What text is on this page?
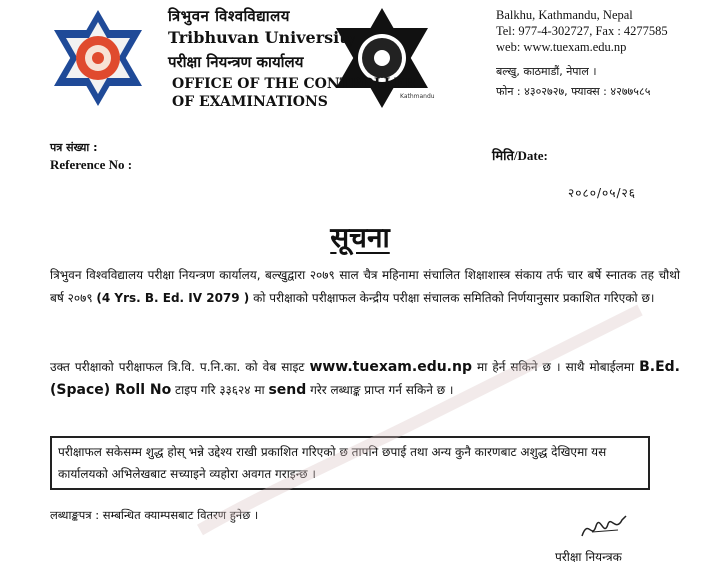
Kathmandu
त्रिभुवन विश्वविद्यालय
Tribhuvan University
परीक्षा नियन्त्रण कार्यालय
OFFICE OF THE CONTROLLER
OF EXAMINATIONS
Balkhu, Kathmandu, Nepal
Tel: 977-4-302727, Fax : 4277585
web: www.tuexam.edu.np
बल्खु, काठमाडौं, नेपाल ।
फोन : ४३०२७२७, फ्याक्स : ४२७७५८५
पत्र संख्या :
Reference No :
मिति/Date:
२०८०/०५/२६
सूचना
त्रिभुवन विश्वविद्यालय परीक्षा नियन्त्रण कार्यालय, बल्खुद्वारा २०७९ साल चैत्र महिनामा संचालित शिक्षाशास्त्र संकाय तर्फ चार बर्षे स्नातक तह चौथो बर्ष २०७९ (4 Yrs. B. Ed. IV 2079 ) को परीक्षाको परीक्षाफल केन्द्रीय परीक्षा संचालक समितिको निर्णयानुसार प्रकाशित गरिएको छ।
उक्त परीक्षाको परीक्षाफल त्रि.वि. प.नि.का. को वेब साइट www.tuexam.edu.np मा हेर्न सकिने छ । साथै मोबाईलमा B.Ed. (Space) Roll No टाइप गरि ३३६२४ मा send गरेर लब्धाङ्क प्राप्त गर्न सकिने छ ।
परीक्षाफल सकेसम्म शुद्ध होस् भन्ने उद्देश्य राखी प्रकाशित गरिएको छ तापनि छपाई तथा अन्य कुनै कारणबाट अशुद्ध देखिएमा यस कार्यालयको अभिलेखबाट सच्याइने व्यहोरा अवगत गराइन्छ ।
लब्धाङ्कपत्र : सम्बन्धित क्याम्पसबाट वितरण हुनेछ ।
परीक्षा नियन्त्रक
